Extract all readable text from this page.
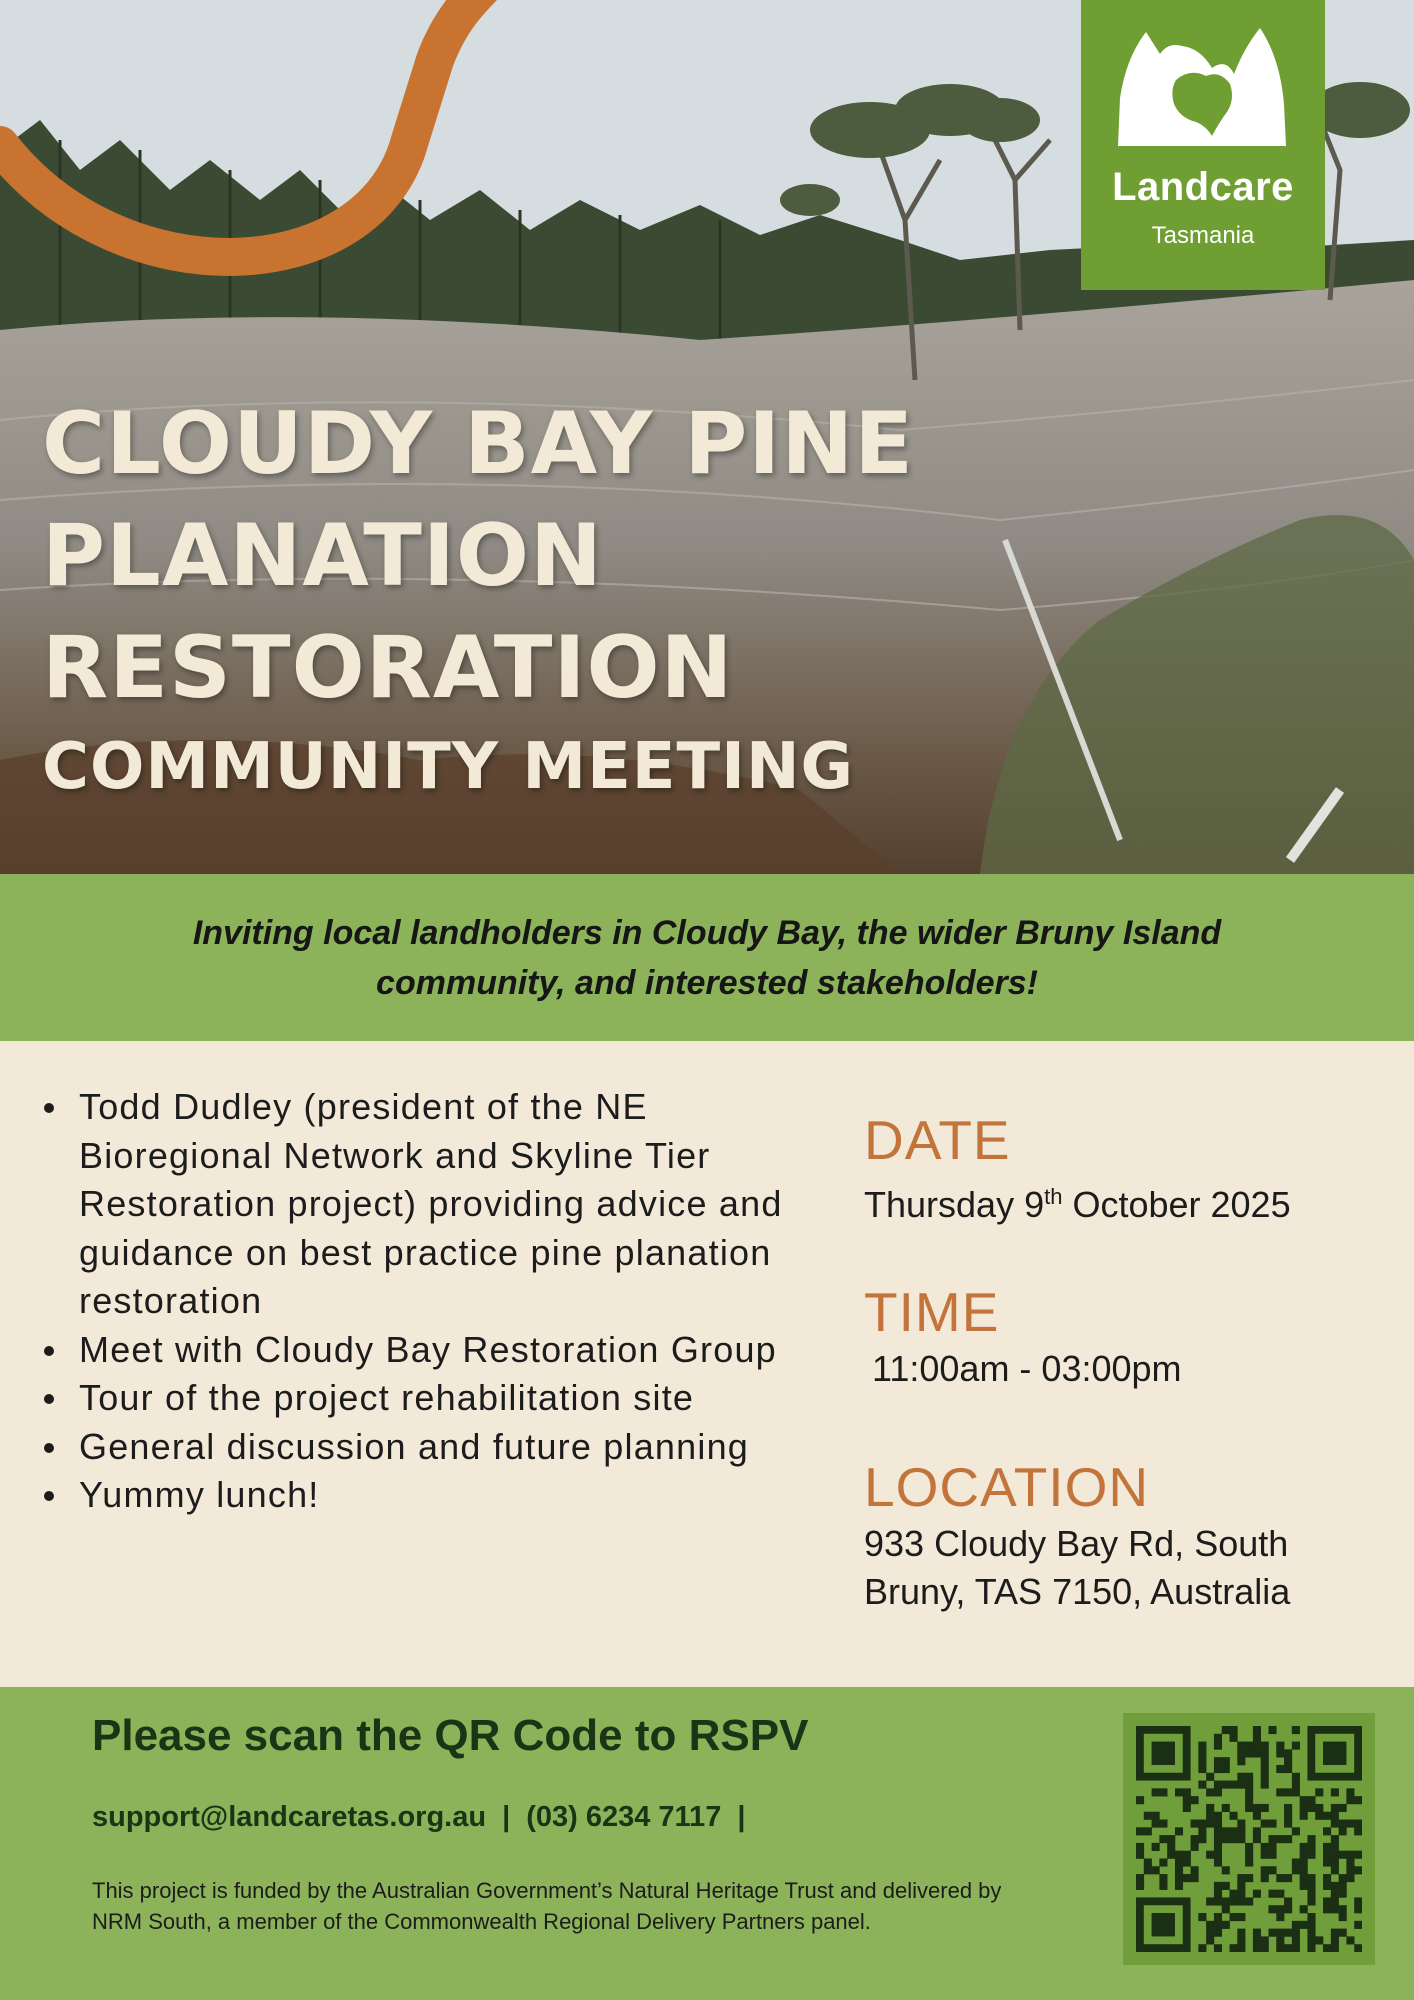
CLOUDY BAY PINE
PLANATION
RESTORATION
COMMUNITY MEETING
Landcare
Tasmania

Inviting local landholders in Cloudy Bay, the wider Bruny Island community, and interested stakeholders!

Todd Dudley (president of the NE Bioregional Network and Skyline Tier Restoration project) providing advice and guidance on best practice pine planation restoration
Meet with Cloudy Bay Restoration Group
Tour of the project rehabilitation site
General discussion and future planning
Yummy lunch!
DATE
Thursday 9th October 2025
TIME
11:00am - 03:00pm
LOCATION
933 Cloudy Bay Rd, South
Bruny, TAS 7150, Australia
Please scan the QR Code to RSPV
support@landcaretas.org.au | (03) 6234 7117 |

This project is funded by the Australian Government’s Natural Heritage Trust and delivered by NRM South, a member of the Commonwealth Regional Delivery Partners panel.
